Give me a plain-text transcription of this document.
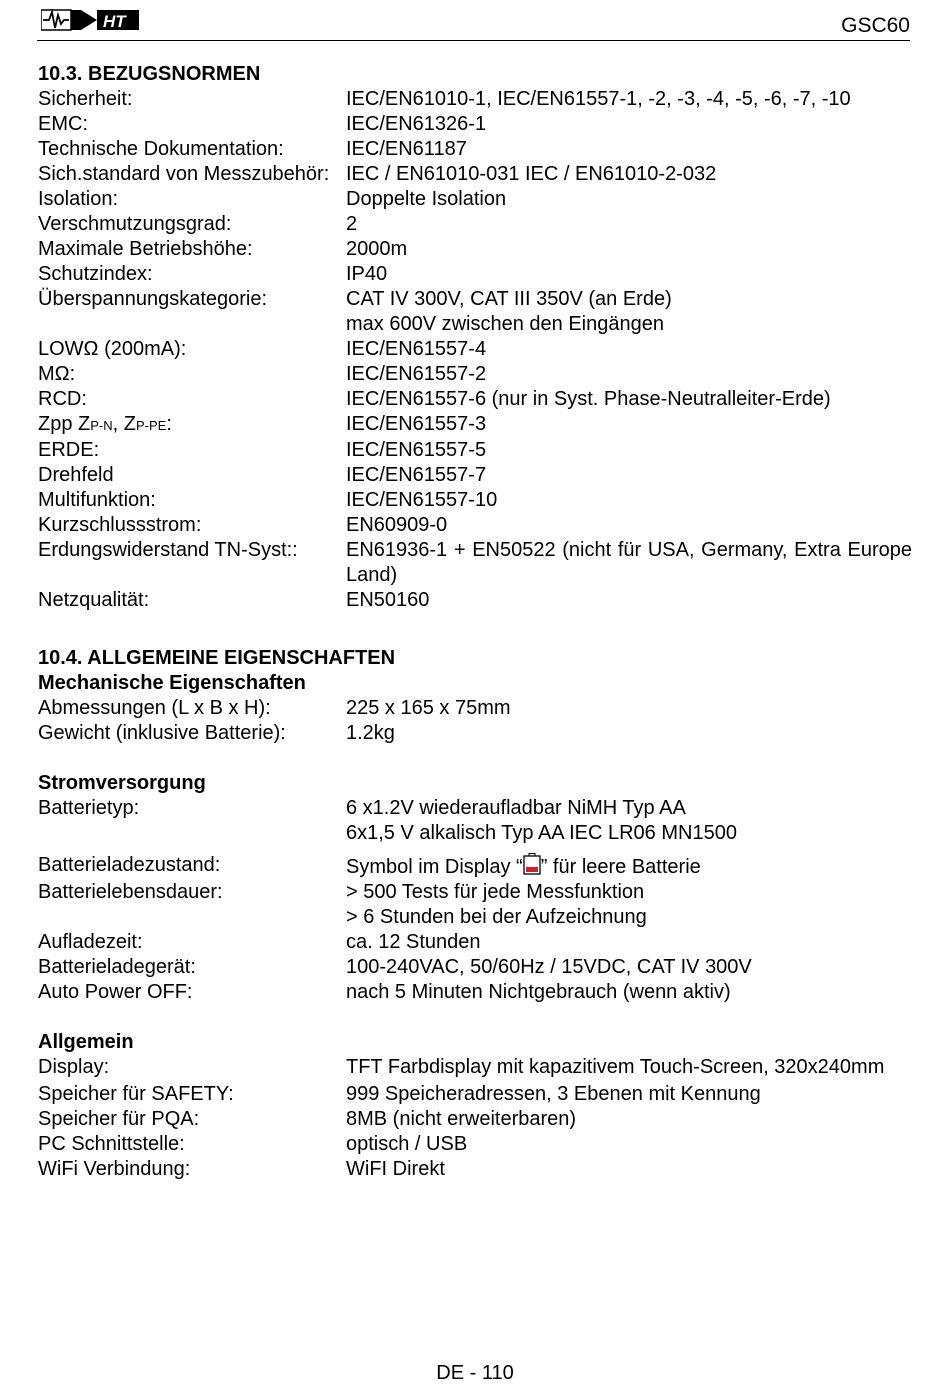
HT	GSC60
10.3. BEZUGSNORMEN
Sicherheit:	IEC/EN61010-1, IEC/EN61557-1, -2, -3, -4, -5, -6, -7, -10
EMC:	IEC/EN61326-1
Technische Dokumentation:	IEC/EN61187
Sich.standard von Messzubehör: IEC / EN61010-031 IEC / EN61010-2-032
Isolation:	Doppelte Isolation
Verschmutzungsgrad:	2
Maximale Betriebshöhe:	2000m
Schutzindex:	IP40
Überspannungskategorie:	CAT IV 300V, CAT III 350V (an Erde)
max 600V zwischen den Eingängen
LOWΩ (200mA):	IEC/EN61557-4
MΩ:	IEC/EN61557-2
RCD:	IEC/EN61557-6 (nur in Syst. Phase-Neutralleiter-Erde)
Zpp ZP-N, ZP-PE:	IEC/EN61557-3
ERDE:	IEC/EN61557-5
Drehfeld	IEC/EN61557-7
Multifunktion:	IEC/EN61557-10
Kurzschlussstrom:	EN60909-0
Erdungswiderstand TN-Syst::	EN61936-1 + EN50522 (nicht für USA, Germany, Extra Europe Land)
Netzqualität:	EN50160
10.4. ALLGEMEINE EIGENSCHAFTEN
Mechanische Eigenschaften
Abmessungen (L x B x H):	225 x 165 x 75mm
Gewicht (inklusive Batterie):	1.2kg
Stromversorgung
Batterietyp:	6 x1.2V wiederaufladbar NiMH Typ AA
6x1,5 V alkalisch Typ AA IEC LR06 MN1500
Batterieladezustand:	Symbol im Display “ ” für leere Batterie
Batterielebensdauer:	> 500 Tests für jede Messfunktion
> 6 Stunden bei der Aufzeichnung
Aufladezeit:	ca. 12 Stunden
Batterieladegerät:	100-240VAC, 50/60Hz / 15VDC, CAT IV 300V
Auto Power OFF:	nach 5 Minuten Nichtgebrauch (wenn aktiv)
Allgemein
Display:	TFT Farbdisplay mit kapazitivem Touch-Screen, 320x240mm
Speicher für SAFETY:	999 Speicheradressen, 3 Ebenen mit Kennung
Speicher für PQA:	8MB (nicht erweiterbaren)
PC Schnittstelle:	optisch / USB
WiFi Verbindung:	WiFI Direkt
DE - 110
